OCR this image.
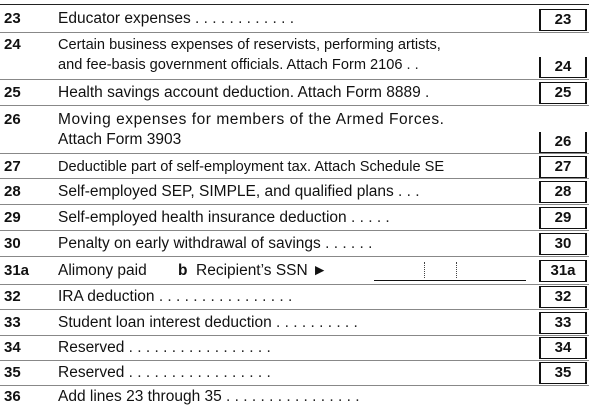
23 Educator expenses . . . . . . . . . . . .	23
24	Certain business expenses of reservists, performing artists,
and fee-basis government officials. Attach Form 2106 . .	24
25 Health savings account deduction. Attach Form 8889 .	25
26 Moving expenses for members of the Armed Forces.
Attach Form 3903	26
27	Deductible part of self-employment tax. Attach Schedule SE	27
28 Self-employed SEP, SIMPLE, and qualified plans . . .	28
29 Self-employed health insurance deduction . . . . .	29
30 Penalty on early withdrawal of savings . . . . . .	30
31a Alimony paid b Recipient’s SSN ►	31a
32 IRA deduction . . . . . . . . . . . . . . . .	32
33 Student loan interest deduction . . . . . . . . . .	33
34 Reserved . . . . . . . . . . . . . . . . .	34
35 Reserved . . . . . . . . . . . . . . . . .	35
36 Add lines 23 through 35 . . . . . . . . . . . . . . . .
